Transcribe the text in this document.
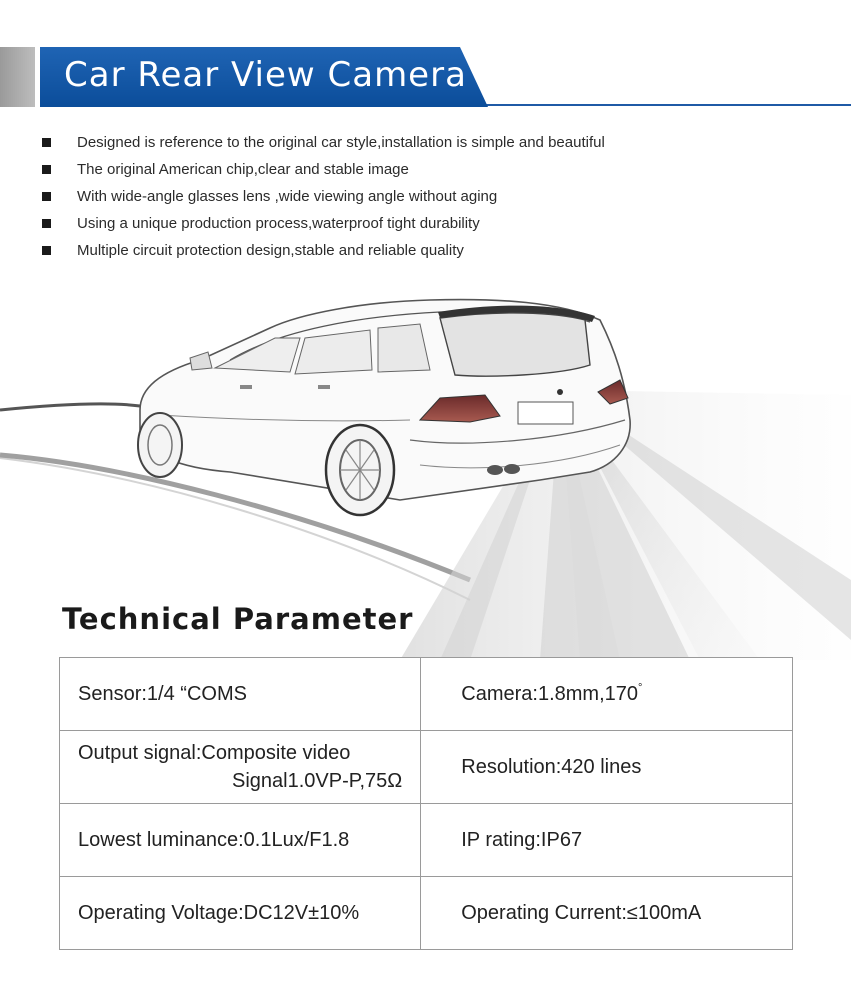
Car Rear View Camera
Designed is reference to the original car style,installation is simple and beautiful
The original American chip,clear and stable image
With wide-angle glasses lens ,wide viewing angle without aging
Using a unique production process,waterproof tight durability
Multiple circuit protection design,stable and reliable quality
Technical Parameter
Sensor:1/4 “COMS	Camera:1.8mm,170°
Output signal:Composite video
Signal1.0VP-P,75Ω	Resolution:420 lines
Lowest luminance:0.1Lux/F1.8	IP rating:IP67
Operating Voltage:DC12V±10%	Operating Current:≤100mA
